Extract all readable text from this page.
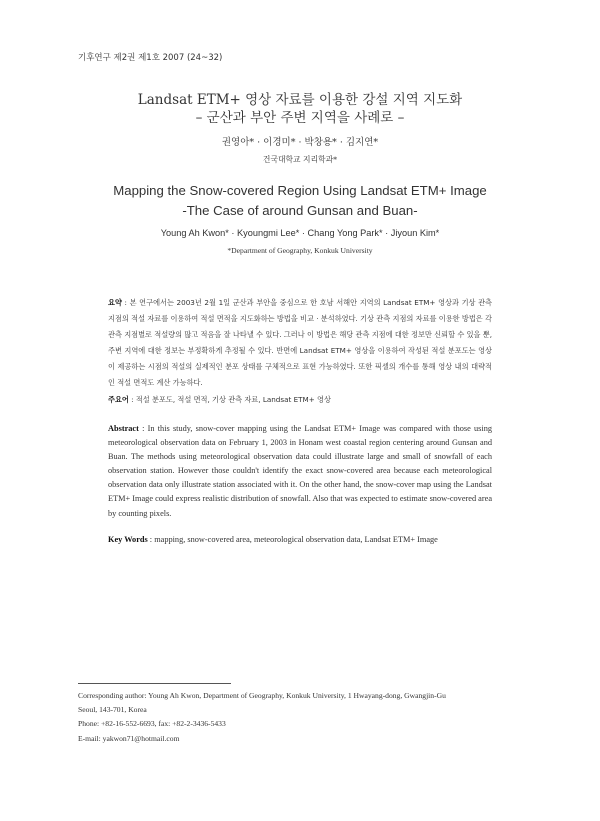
기후연구 제2권 제1호 2007 (24~32)
Landsat ETM+ 영상 자료를 이용한 강설 지역 지도화
– 군산과 부안 주변 지역을 사례로 –
권영아* · 이경미* · 박창용* · 김지연*
건국대학교 지리학과*
Mapping the Snow-covered Region Using Landsat ETM+ Image
-The Case of around Gunsan and Buan-
Young Ah Kwon* · Kyoungmi Lee* · Chang Yong Park* · Jiyoun Kim*
*Department of Geography, Konkuk University
요약 : 본 연구에서는 2003년 2월 1일 군산과 부안을 중심으로 한 호남 서해안 지역의 Landsat ETM+ 영상과 기상 관측 지점의 적설 자료를 이용하여 적설 면적을 지도화하는 방법을 비교 · 분석하였다. 기상 관측 지점의 자료를 이용한 방법은 각 관측 지점별로 적설량의 많고 적음을 잘 나타낼 수 있다. 그러나 이 방법은 해당 관측 지점에 대한 정보만 신뢰할 수 있을 뿐, 주변 지역에 대한 정보는 부정확하게 추정될 수 있다. 반면에 Landsat ETM+ 영상을 이용하여 작성된 적설 분포도는 영상이 제공하는 시점의 적설의 실제적인 분포 상태를 구체적으로 표현 가능하였다. 또한 픽셀의 개수를 통해 영상 내의 대략적인 적설 면적도 계산 가능하다.
주요어 : 적설 분포도, 적설 면적, 기상 관측 자료, Landsat ETM+ 영상
Abstract : In this study, snow-cover mapping using the Landsat ETM+ Image was compared with those using meteorological observation data on February 1, 2003 in Honam west coastal region centering around Gunsan and Buan. The methods using meteorological observation data could illustrate large and small of snowfall of each observation station. However those couldn't identify the exact snow-covered area because each meteorological observation data only illustrate station associated with it. On the other hand, the snow-cover map using the Landsat ETM+ Image could express realistic distribution of snowfall. Also that was expected to estimate snow-covered area by counting pixels.
Key Words : mapping, snow-covered area, meteorological observation data, Landsat ETM+ Image
Corresponding author: Young Ah Kwon, Department of Geography, Konkuk University, 1 Hwayang-dong, Gwangjin-Gu
Seoul, 143-701, Korea
Phone: +82-16-552-6693, fax: +82-2-3436-5433
E-mail: yakwon71@hotmail.com
